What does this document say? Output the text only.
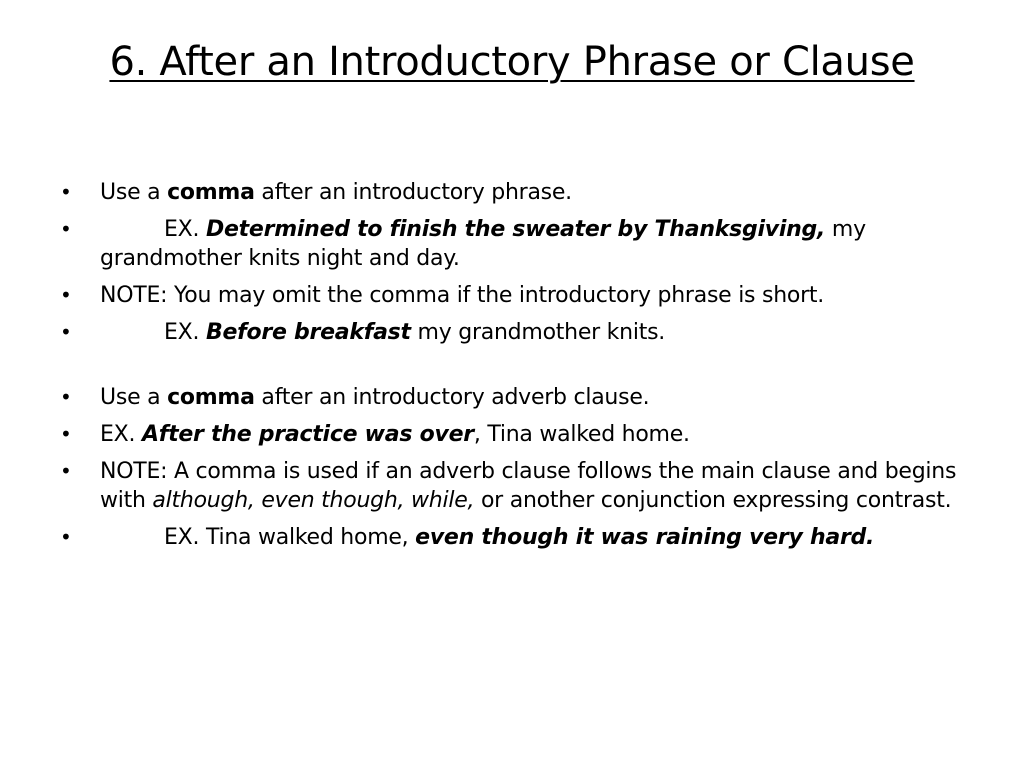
6. After an Introductory Phrase or Clause
• Use a comma after an introductory phrase.
•	EX. Determined to finish the sweater by Thanksgiving, my grandmother knits night and day.
• NOTE: You may omit the comma if the introductory phrase is short.
•	EX. Before breakfast my grandmother knits.
• Use a comma after an introductory adverb clause.
• EX. After the practice was over, Tina walked home.
• NOTE: A comma is used if an adverb clause follows the main clause and begins with although, even though, while, or another conjunction expressing contrast.
•	EX. Tina walked home, even though it was raining very hard.
